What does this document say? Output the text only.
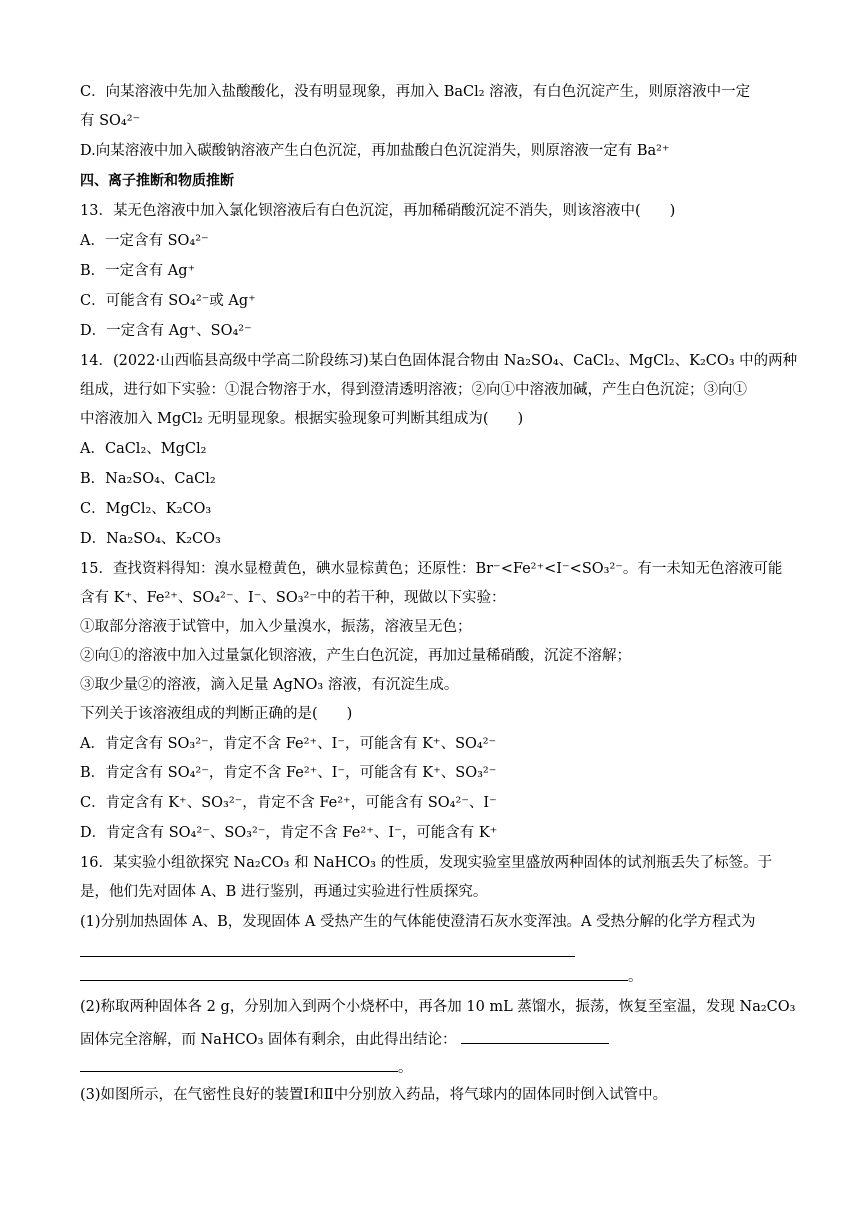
C．向某溶液中先加入盐酸酸化，没有明显现象，再加入 BaCl₂ 溶液，有白色沉淀产生，则原溶液中一定
有 SO₄²⁻
D.向某溶液中加入碳酸钠溶液产生白色沉淀，再加盐酸白色沉淀消失，则原溶液一定有 Ba²⁺
四、离子推断和物质推断
13．某无色溶液中加入氯化钡溶液后有白色沉淀，再加稀硝酸沉淀不消失，则该溶液中(　　)
A．一定含有 SO₄²⁻
B．一定含有 Ag⁺
C．可能含有 SO₄²⁻或 Ag⁺
D．一定含有 Ag⁺、SO₄²⁻
14．(2022·山西临县高级中学高二阶段练习)某白色固体混合物由 Na₂SO₄、CaCl₂、MgCl₂、K₂CO₃ 中的两种
组成，进行如下实验：①混合物溶于水，得到澄清透明溶液；②向①中溶液加碱，产生白色沉淀；③向①
中溶液加入 MgCl₂ 无明显现象。根据实验现象可判断其组成为(　　)
A．CaCl₂、MgCl₂
B．Na₂SO₄、CaCl₂
C．MgCl₂、K₂CO₃
D．Na₂SO₄、K₂CO₃
15．查找资料得知：溴水显橙黄色，碘水显棕黄色；还原性：Br⁻<Fe²⁺<I⁻<SO₃²⁻。有一未知无色溶液可能
含有 K⁺、Fe²⁺、SO₄²⁻、I⁻、SO₃²⁻中的若干种，现做以下实验：
①取部分溶液于试管中，加入少量溴水，振荡，溶液呈无色；
②向①的溶液中加入过量氯化钡溶液，产生白色沉淀，再加过量稀硝酸，沉淀不溶解；
③取少量②的溶液，滴入足量 AgNO₃ 溶液，有沉淀生成。
下列关于该溶液组成的判断正确的是(　　)
A．肯定含有 SO₃²⁻，肯定不含 Fe²⁺、I⁻，可能含有 K⁺、SO₄²⁻
B．肯定含有 SO₄²⁻，肯定不含 Fe²⁺、I⁻，可能含有 K⁺、SO₃²⁻
C．肯定含有 K⁺、SO₃²⁻，肯定不含 Fe²⁺，可能含有 SO₄²⁻、I⁻
D．肯定含有 SO₄²⁻、SO₃²⁻，肯定不含 Fe²⁺、I⁻，可能含有 K⁺
16．某实验小组欲探究 Na₂CO₃ 和 NaHCO₃ 的性质，发现实验室里盛放两种固体的试剂瓶丢失了标签。于
是，他们先对固体 A、B 进行鉴别，再通过实验进行性质探究。
(1)分别加热固体 A、B，发现固体 A 受热产生的气体能使澄清石灰水变浑浊。A 受热分解的化学方程式为
。
(2)称取两种固体各 2 g，分别加入到两个小烧杯中，再各加 10 mL 蒸馏水，振荡，恢复至室温，发现 Na₂CO₃
固体完全溶解，而 NaHCO₃ 固体有剩余，由此得出结论：
。
(3)如图所示，在气密性良好的装置Ⅰ和Ⅱ中分别放入药品，将气球内的固体同时倒入试管中。
